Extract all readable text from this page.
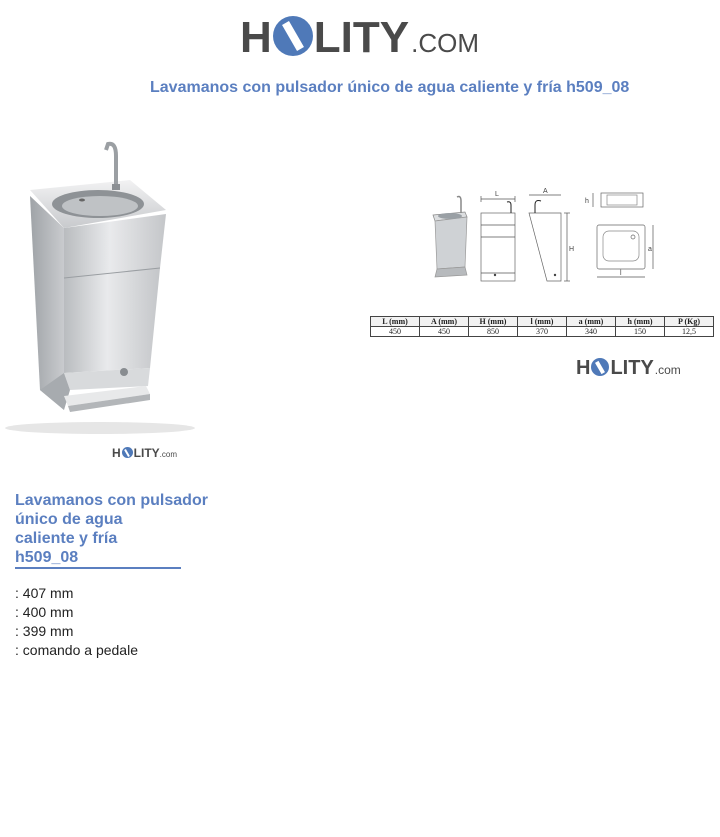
H LITY .COM
Lavamanos con pulsador único de agua caliente y fría h509_08
H LITY .com
L	A
H
h
a
l
L (mm)	A (mm)	H (mm)	l (mm)	a (mm)	h (mm)	P (Kg)
450	450	850	370	340	150	12,5
H LITY .com
Lavamanos con pulsador
único de agua
caliente y fría
h509_08
: 407 mm
: 400 mm
: 399 mm
: comando a pedale
